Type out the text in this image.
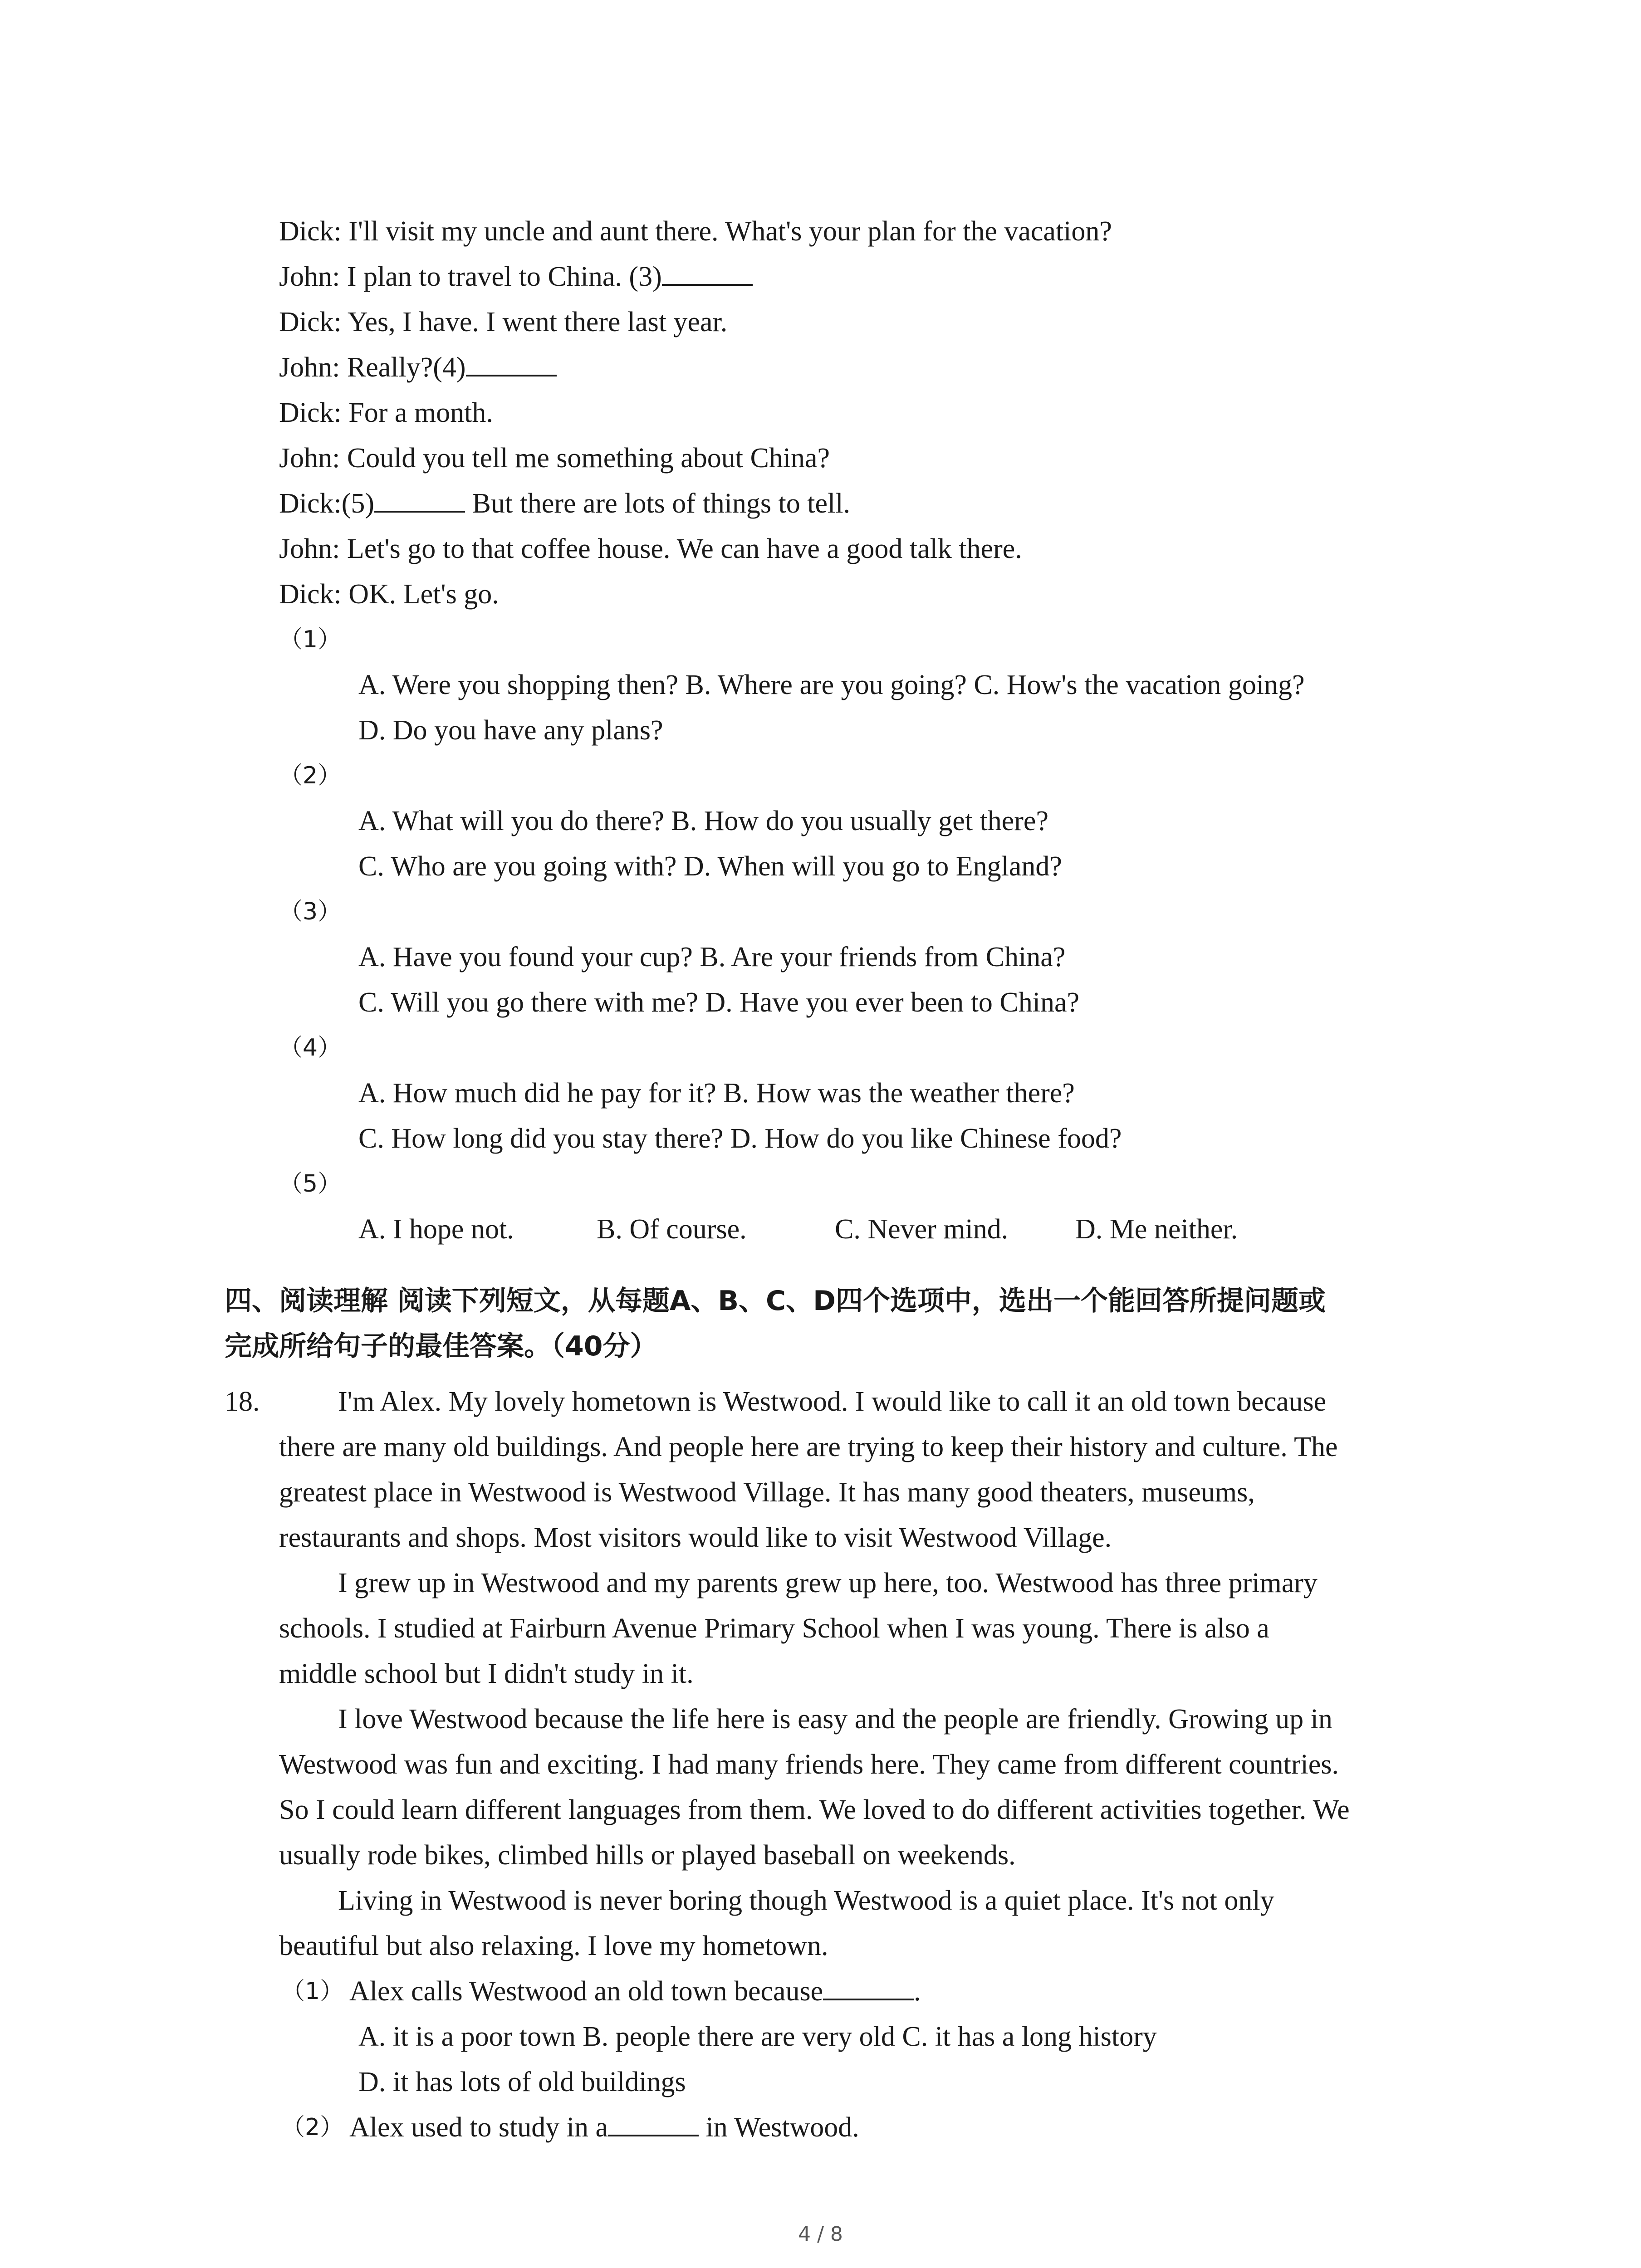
Dick: I'll visit my uncle and aunt there. What's your plan for the vacation?
John: I plan to travel to China. (3)
Dick: Yes, I have. I went there last year.
John: Really?(4)
Dick: For a month.
John: Could you tell me something about China?
Dick:(5)	But there are lots of things to tell.
John: Let's go to that coffee house. We can have a good talk there.
Dick: OK. Let's go.
（1）
A. Were you shopping then? B. Where are you going? C. How's the vacation going?
D. Do you have any plans?
（2）
A. What will you do there? B. How do you usually get there?
C. Who are you going with? D. When will you go to England?
（3）
A. Have you found your cup? B. Are your friends from China?
C. Will you go there with me? D. Have you ever been to China?
（4）
A. How much did he pay for it? B. How was the weather there?
C. How long did you stay there? D. How do you like Chinese food?
（5）
A. I hope not.	B. Of course.	C. Never mind. D. Me neither.
四、阅读理解 阅读下列短文，从每题A、B、C、D四个选项中，选出一个能回答所提问题或
完成所给句子的最佳答案。（40分）
18.	I'm Alex. My lovely hometown is Westwood. I would like to call it an old town because
there are many old buildings. And people here are trying to keep their history and culture. The
greatest place in Westwood is Westwood Village. It has many good theaters, museums,
restaurants and shops. Most visitors would like to visit Westwood Village.
I grew up in Westwood and my parents grew up here, too. Westwood has three primary
schools. I studied at Fairburn Avenue Primary School when I was young. There is also a
middle school but I didn't study in it.
I love Westwood because the life here is easy and the people are friendly. Growing up in
Westwood was fun and exciting. I had many friends here. They came from different countries.
So I could learn different languages from them. We loved to do different activities together. We
usually rode bikes, climbed hills or played baseball on weekends.
Living in Westwood is never boring though Westwood is a quiet place. It's not only
beautiful but also relaxing. I love my hometown.
（1） Alex calls Westwood an old town because	.
A. it is a poor town B. people there are very old C. it has a long history
D. it has lots of old buildings
（2） Alex used to study in a	in Westwood.
4 / 8
